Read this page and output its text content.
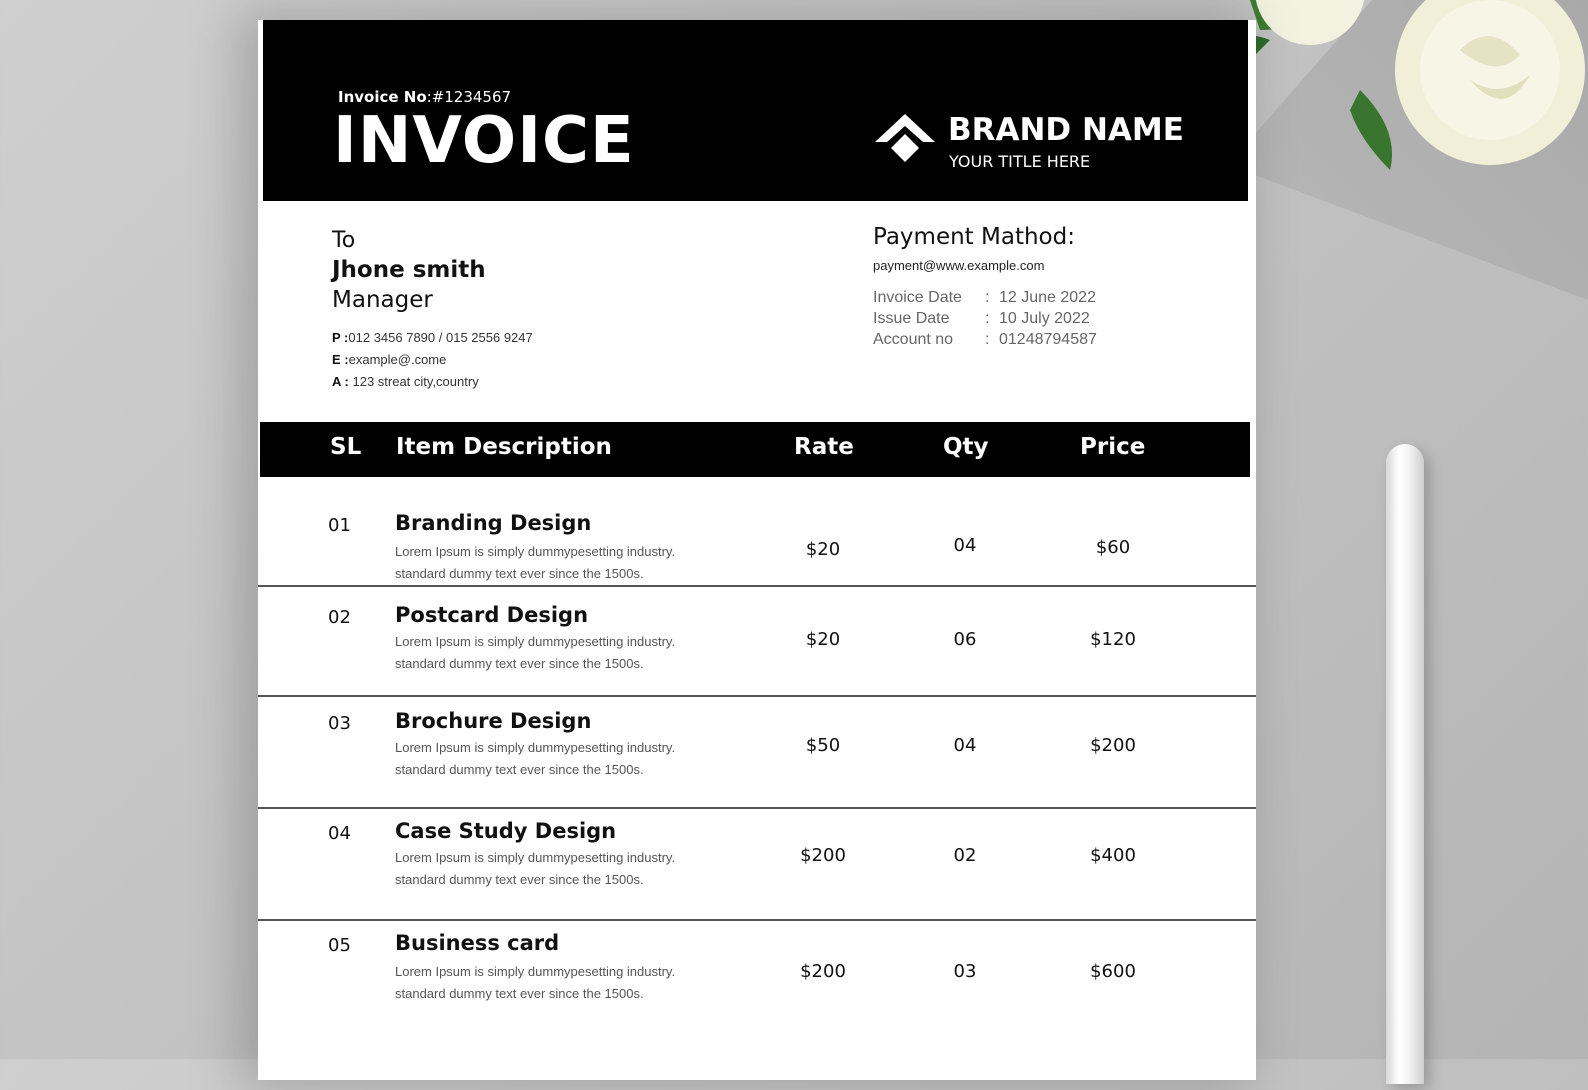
Invoice No:#1234567
INVOICE	BRAND NAME
YOUR TITLE HERE
To
Jhone smith
Manager
P :012 3456 7890 / 015 2556 9247
E :example@.come
A : 123 streat city,country
Payment Mathod:
payment@www.example.com
Invoice Date	: 12 June 2022
Issue Date	: 10 July 2022
Account no	: 01248794587
SL Item Description	Rate	Qty	Price
01 Branding Design
Lorem Ipsum is simply dummypesetting industry.
standard dummy text ever since the 1500s.
$20	04	$60
02 Postcard Design
Lorem Ipsum is simply dummypesetting industry.
standard dummy text ever since the 1500s.
$20	06	$120
03 Brochure Design
Lorem Ipsum is simply dummypesetting industry.
standard dummy text ever since the 1500s.
$50	04	$200
04 Case Study Design
Lorem Ipsum is simply dummypesetting industry.
standard dummy text ever since the 1500s.
$200	02	$400
05 Business card
Lorem Ipsum is simply dummypesetting industry.
standard dummy text ever since the 1500s.
$200	03	$600
